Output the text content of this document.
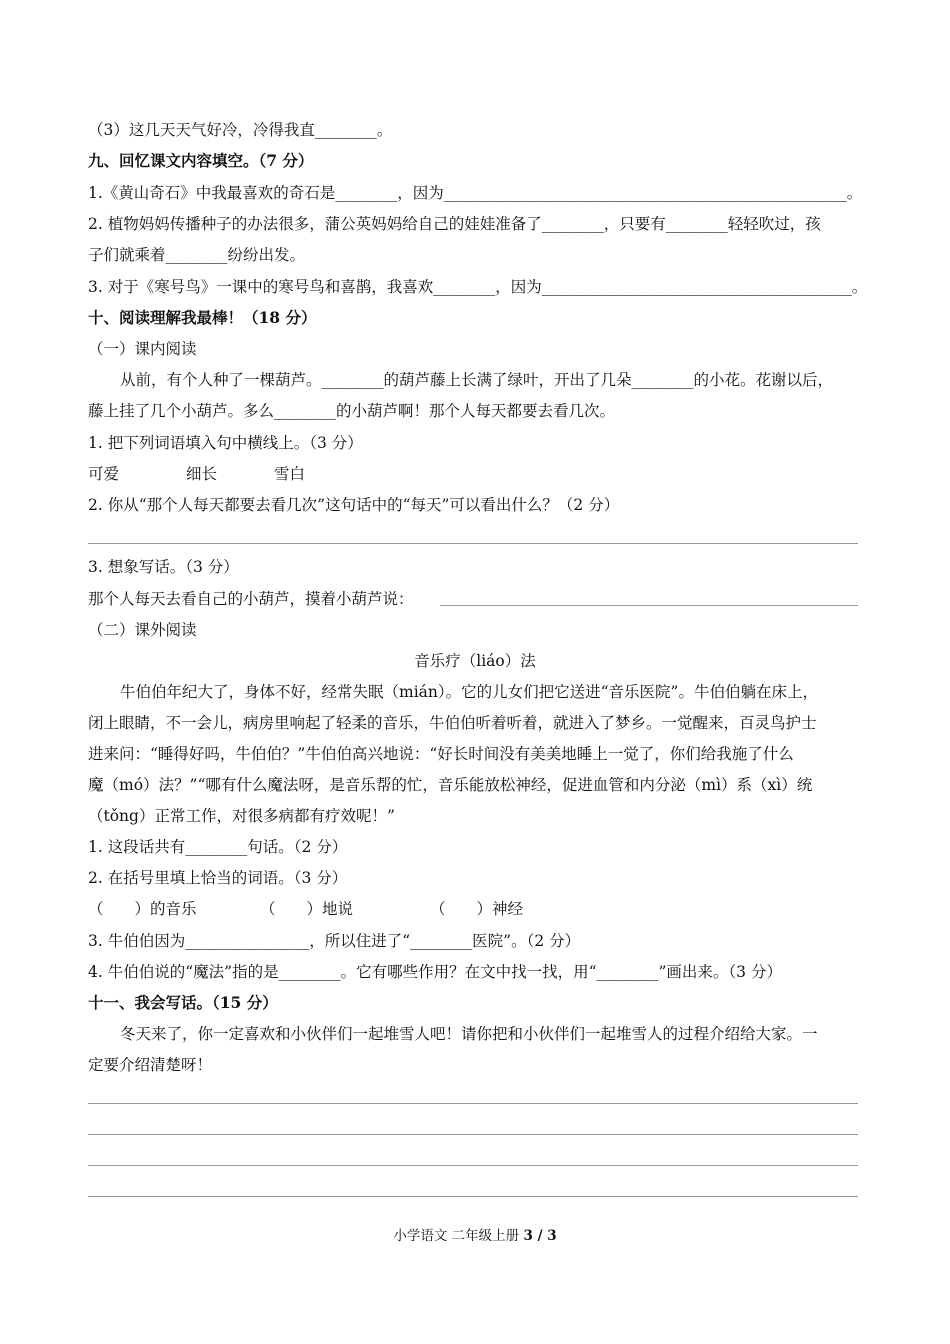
（3）这几天天气好冷，冷得我直________。
九、回忆课文内容填空。（7 分）
1.《黄山奇石》中我最喜欢的奇石是________，因为____________________________________________________。
2. 植物妈妈传播种子的办法很多，蒲公英妈妈给自己的娃娃准备了________，只要有________轻轻吹过，孩
子们就乘着________纷纷出发。
3. 对于《寒号鸟》一课中的寒号鸟和喜鹊，我喜欢________，因为________________________________________。
十、阅读理解我最棒！（18 分）
（一）课内阅读
从前，有个人种了一棵葫芦。________的葫芦藤上长满了绿叶，开出了几朵________的小花。花谢以后，
藤上挂了几个小葫芦。多么________的小葫芦啊！那个人每天都要去看几次。
1. 把下列词语填入句中横线上。（3 分）
可爱	细长	雪白
2. 你从“那个人每天都要去看几次”这句话中的“每天”可以看出什么？（2 分）
3. 想象写话。（3 分）
那个人每天去看自己的小葫芦，摸着小葫芦说：
（二）课外阅读
音乐疗（liáo）法
牛伯伯年纪大了，身体不好，经常失眠（mián）。它的儿女们把它送进“音乐医院”。牛伯伯躺在床上，
闭上眼睛，不一会儿，病房里响起了轻柔的音乐，牛伯伯听着听着，就进入了梦乡。一觉醒来，百灵鸟护士
进来问：“睡得好吗，牛伯伯？”牛伯伯高兴地说：“好长时间没有美美地睡上一觉了，你们给我施了什么
魔（mó）法？”“哪有什么魔法呀，是音乐帮的忙，音乐能放松神经，促进血管和内分泌（mì）系（xì）统
（tǒng）正常工作，对很多病都有疗效呢！”
1. 这段话共有________句话。（2 分）
2. 在括号里填上恰当的词语。（3 分）
（　　）的音乐	（　　）地说	（　　）神经
3. 牛伯伯因为________________，所以住进了“________医院”。（2 分）
4. 牛伯伯说的“魔法”指的是________。它有哪些作用？在文中找一找，用“________”画出来。（3 分）
十一、我会写话。（15 分）
冬天来了，你一定喜欢和小伙伴们一起堆雪人吧！请你把和小伙伴们一起堆雪人的过程介绍给大家。一
定要介绍清楚呀！
小学语文 二年级上册 3 / 3
